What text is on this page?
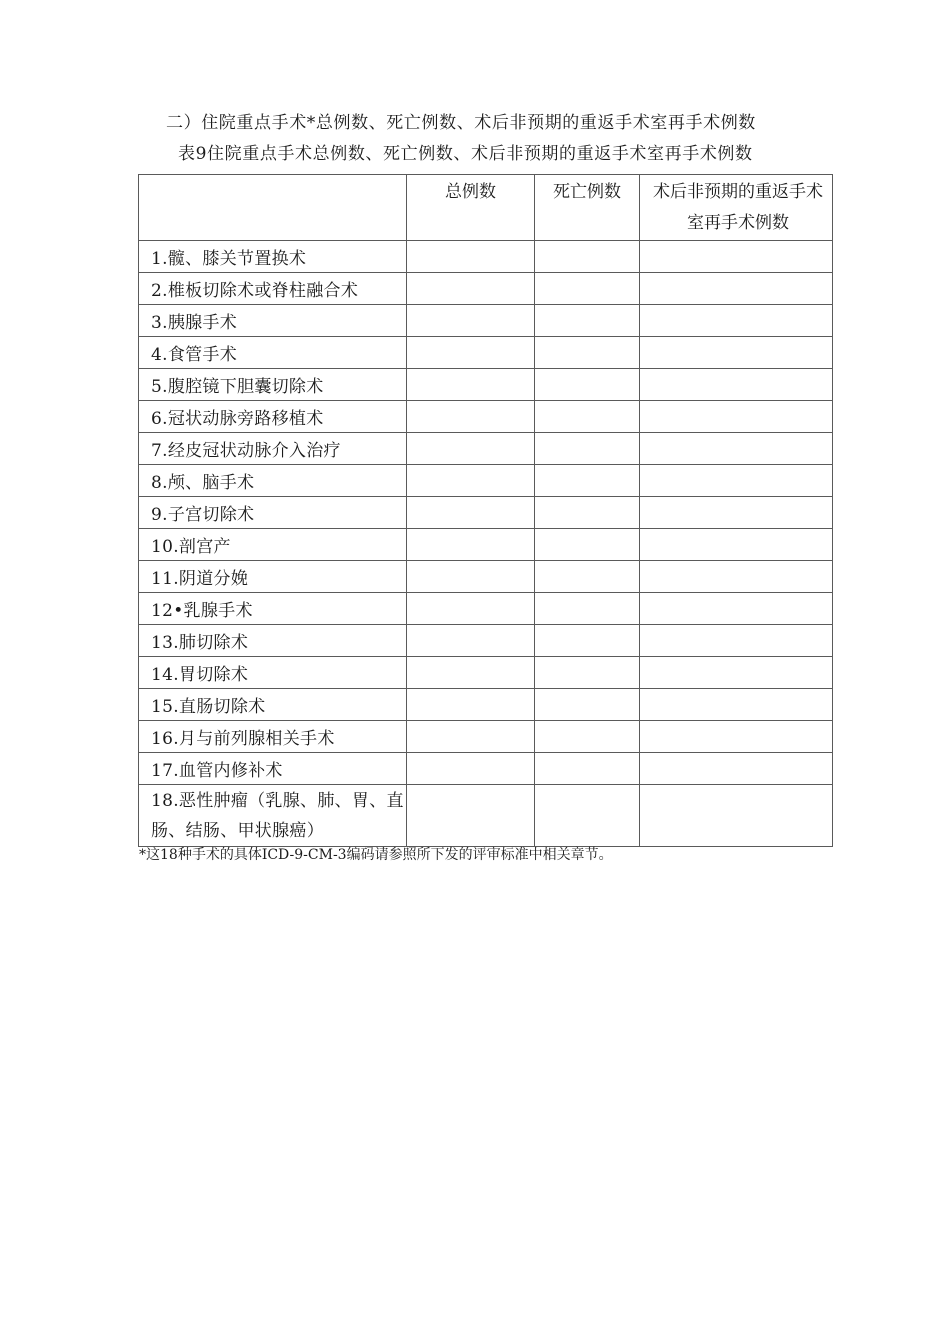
二）住院重点手术*总例数、死亡例数、术后非预期的重返手术室再手术例数
表9住院重点手术总例数、死亡例数、术后非预期的重返手术室再手术例数
	总例数	死亡例数	术后非预期的重返手术室再手术例数
1.髋、膝关节置换术			
2.椎板切除术或脊柱融合术			
3.胰腺手术			
4.食管手术			
5.腹腔镜下胆囊切除术			
6.冠状动脉旁路移植术			
7.经皮冠状动脉介入治疗			
8.颅、脑手术			
9.子宫切除术			
10.剖宫产			
11.阴道分娩			
12•乳腺手术			
13.肺切除术			
14.胃切除术			
15.直肠切除术			
16.月与前列腺相关手术			
17.血管内修补术			
18.恶性肿瘤（乳腺、肺、胃、直肠、结肠、甲状腺癌）			
*这18种手术的具体ICD-9-CM-3编码请参照所下发的评审标准中相关章节。
